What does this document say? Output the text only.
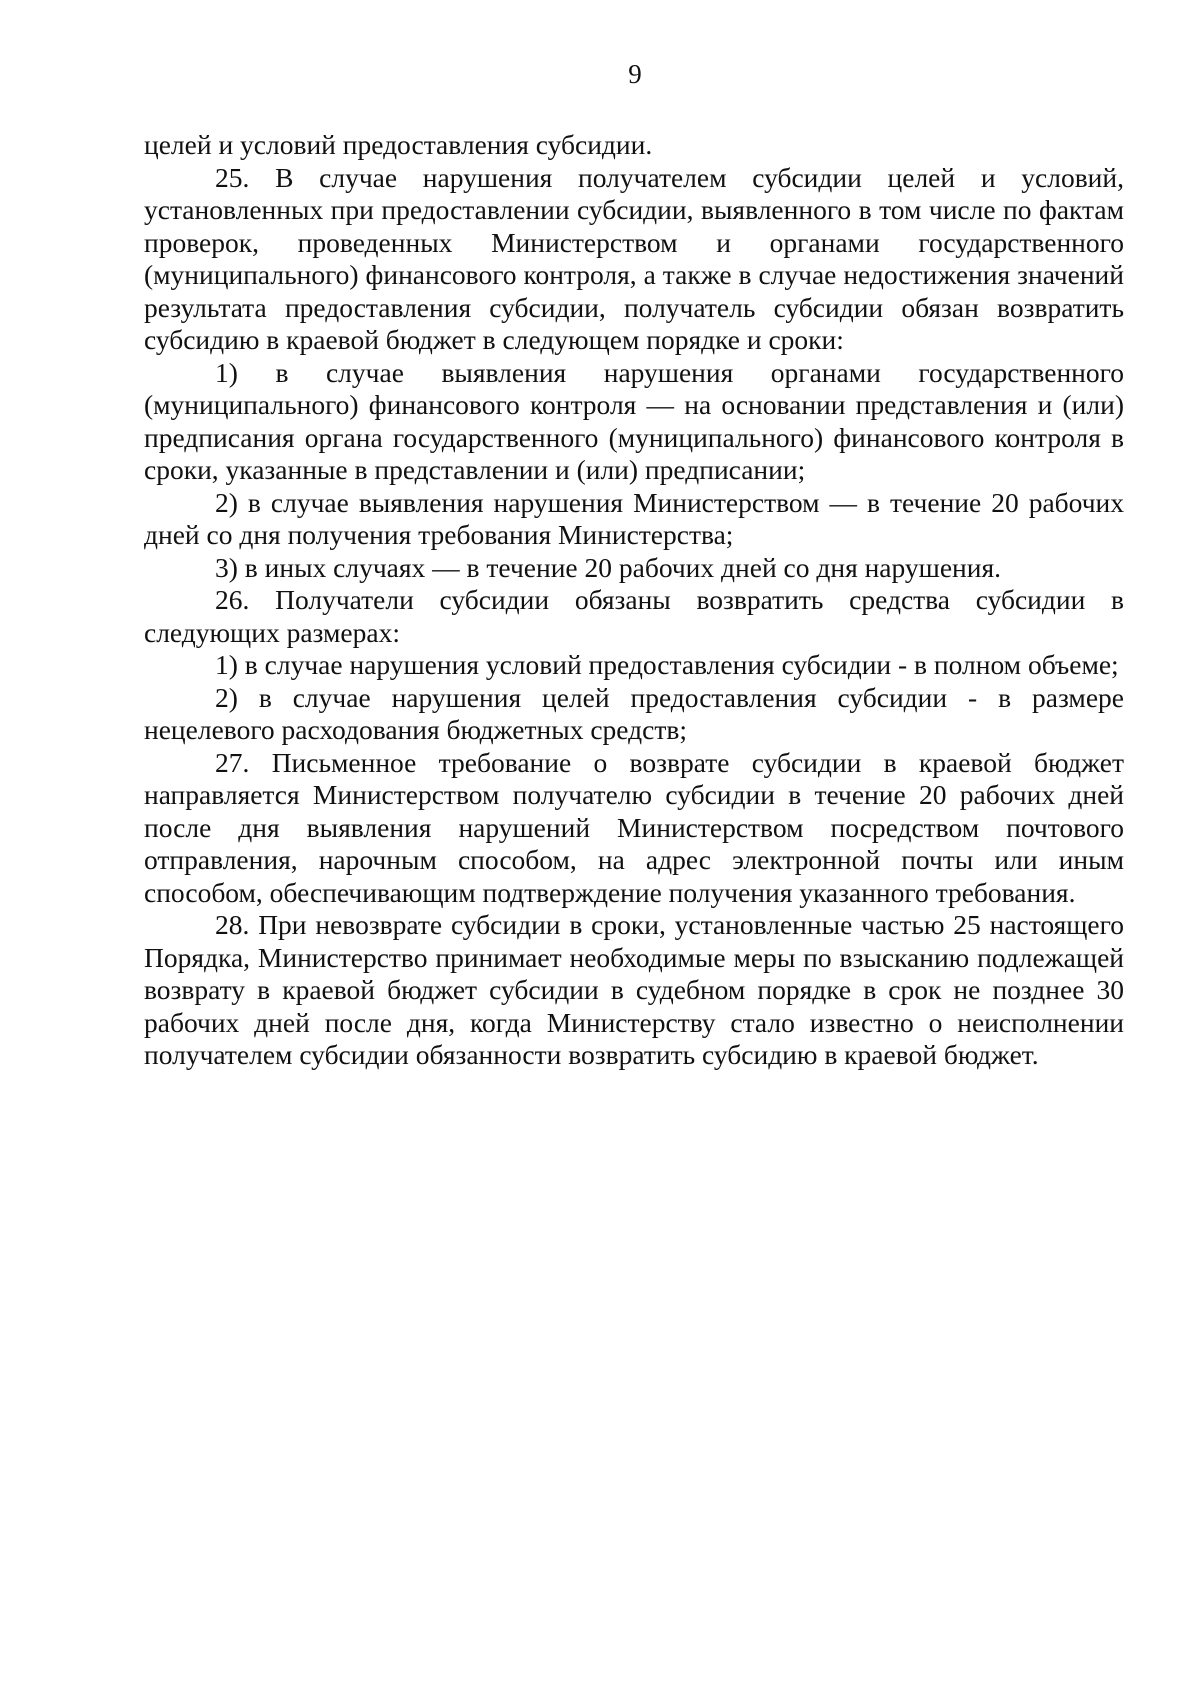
9

целей и условий предоставления субсидии.

25. В случае нарушения получателем субсидии целей и условий, установленных при предоставлении субсидии, выявленного в том числе по фактам проверок, проведенных Министерством и органами государственного (муниципального) финансового контроля, а также в случае недостижения значений результата предоставления субсидии, получатель субсидии обязан возвратить субсидию в краевой бюджет в следующем порядке и сроки:

1) в случае выявления нарушения органами государственного (муниципального) финансового контроля — на основании представления и (или) предписания органа государственного (муниципального) финансового контроля в сроки, указанные в представлении и (или) предписании;

2) в случае выявления нарушения Министерством — в течение 20 рабочих дней со дня получения требования Министерства;

3) в иных случаях — в течение 20 рабочих дней со дня нарушения.

26. Получатели субсидии обязаны возвратить средства субсидии в следующих размерах:

1) в случае нарушения условий предоставления субсидии - в полном объеме;

2) в случае нарушения целей предоставления субсидии - в размере нецелевого расходования бюджетных средств;

27. Письменное требование о возврате субсидии в краевой бюджет направляется Министерством получателю субсидии в течение 20 рабочих дней после дня выявления нарушений Министерством посредством почтового отправления, нарочным способом, на адрес электронной почты или иным способом, обеспечивающим подтверждение получения указанного требования.

28. При невозврате субсидии в сроки, установленные частью 25 настоящего Порядка, Министерство принимает необходимые меры по взысканию подлежащей возврату в краевой бюджет субсидии в судебном порядке в срок не позднее 30 рабочих дней после дня, когда Министерству стало известно о неисполнении получателем субсидии обязанности возвратить субсидию в краевой бюджет.
